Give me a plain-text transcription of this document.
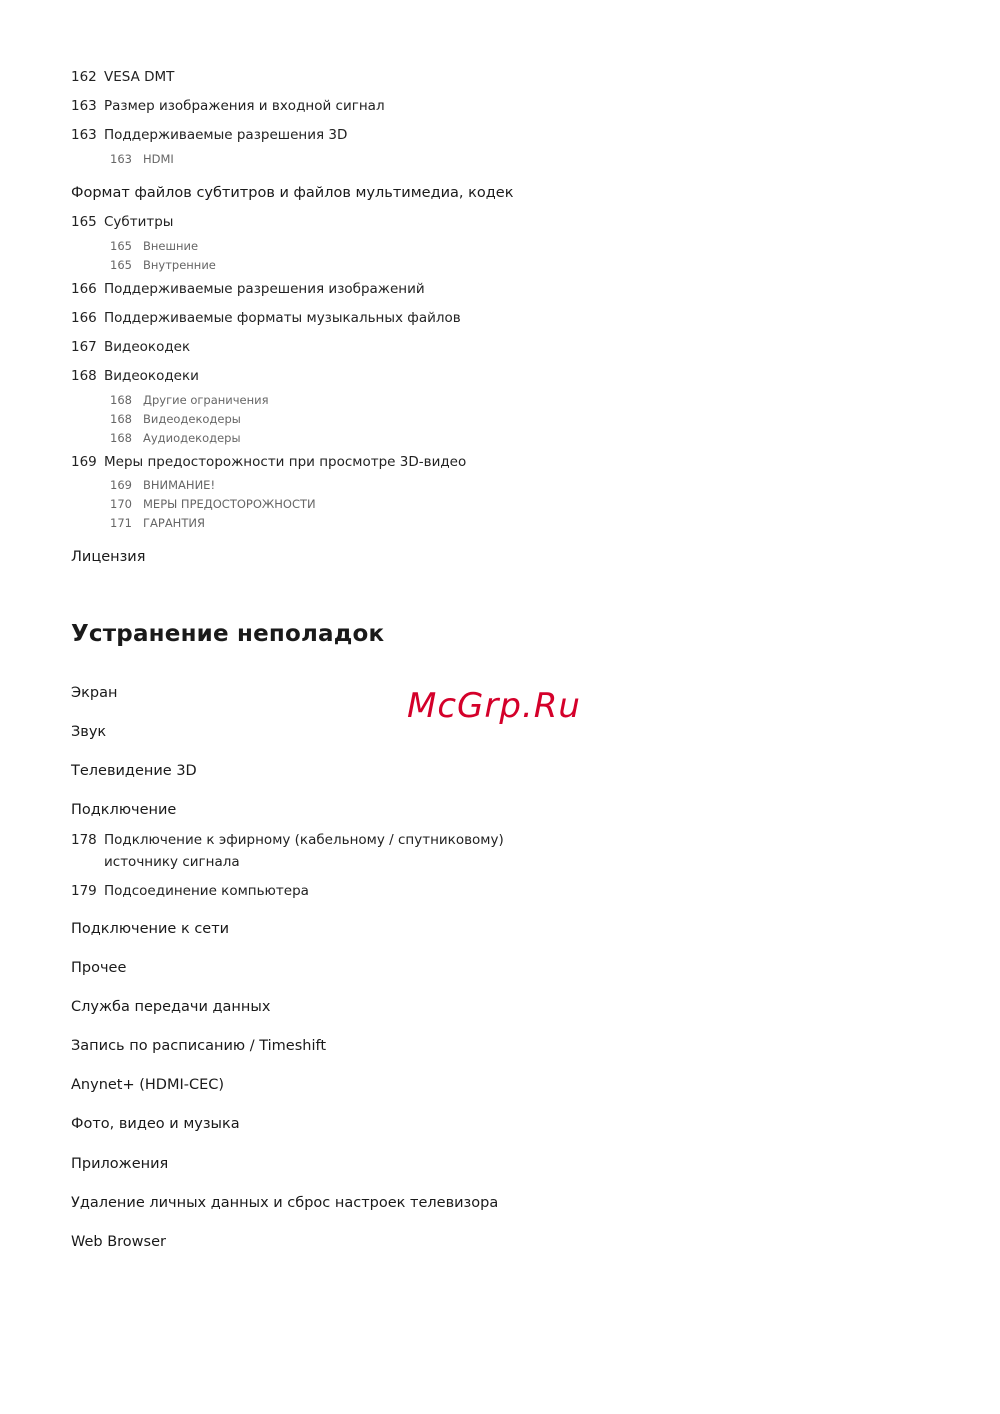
162 VESA DMT
163 Размер изображения и входной сигнал
163 Поддерживаемые разрешения 3D
163 HDMI
Формат файлов субтитров и файлов мультимедиа, кодек
165 Субтитры
165 Внешние
165 Внутренние
166 Поддерживаемые разрешения изображений
166 Поддерживаемые форматы музыкальных файлов
167 Видеокодек
168 Видеокодеки
168 Другие ограничения
168 Видеодекодеры
168 Аудиодекодеры
169 Меры предосторожности при просмотре 3D-видео
169 ВНИМАНИЕ!
170 МЕРЫ ПРЕДОСТОРОЖНОСТИ
171 ГАРАНТИЯ
Лицензия
Устранение неполадок
Экран
Звук
Телевидение 3D
Подключение
178 Подключение к эфирному (кабельному / спутниковому)
источнику сигнала
179 Подсоединение компьютера
Подключение к сети
Прочее
Служба передачи данных
Запись по расписанию / Timeshift
Anynet+ (HDMI-CEC)
Фото, видео и музыка
Приложения
Удаление личных данных и сброс настроек телевизора
Web Browser
McGrp.Ru
